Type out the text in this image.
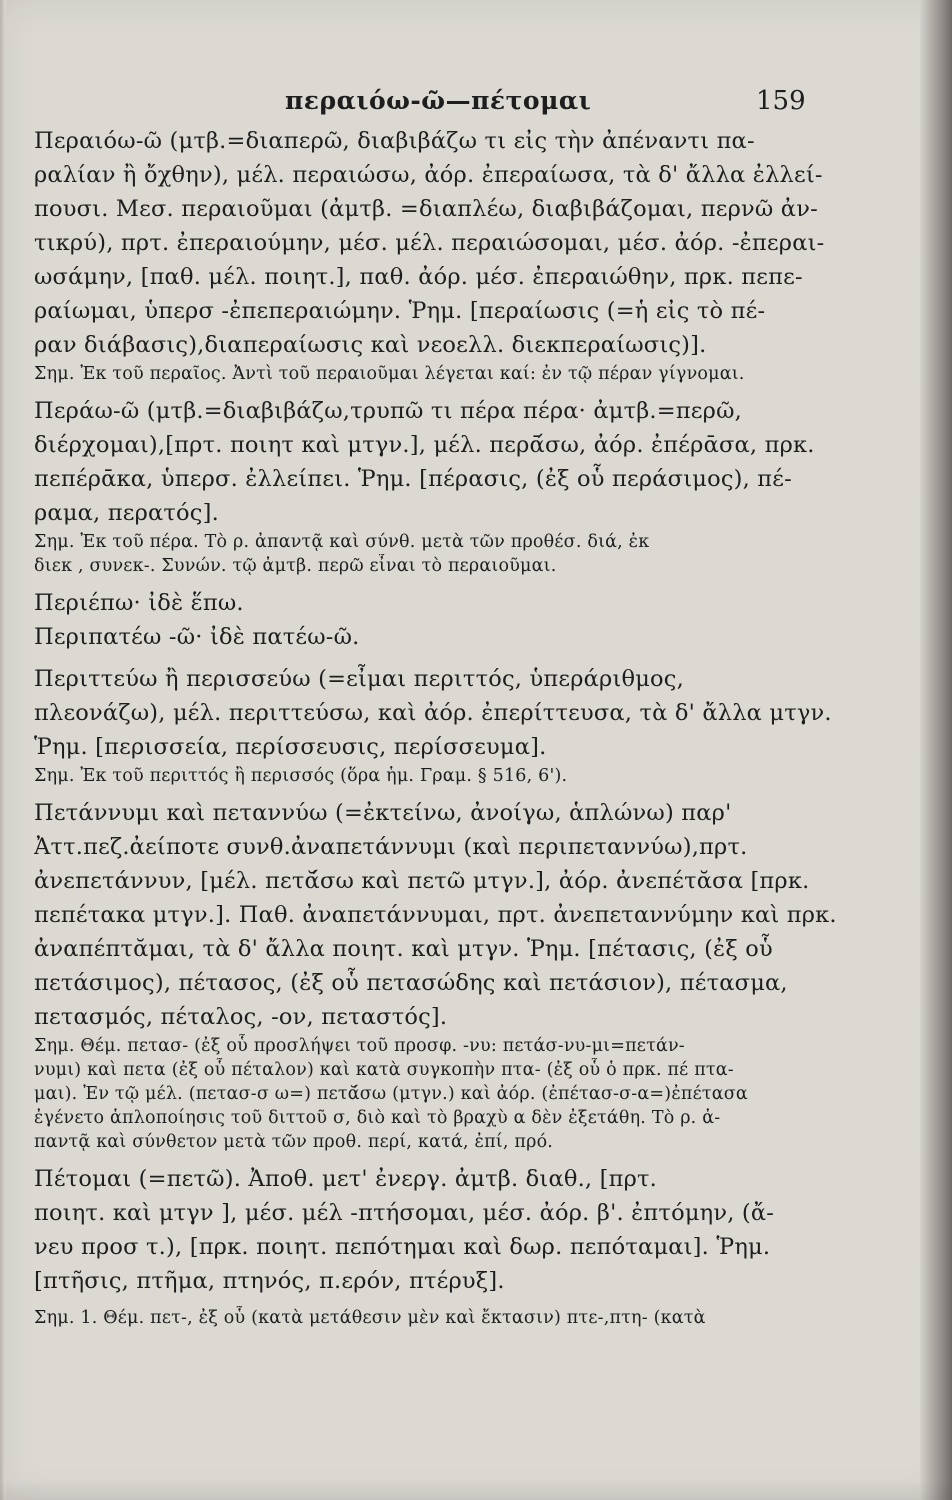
περαιόω-ῶ—πέτομαι	159
Περαιόω-ῶ (μτβ.=διαπερῶ, διαβιβάζω τι εἰς τὴν ἀπέναντι πα-
ραλίαν ἢ ὄχθην), μέλ. περαιώσω, ἀόρ. ἐπεραίωσα, τὰ δ' ἄλλα ἐλλεί-
πουσι. Μεσ. περαιοῦμαι (ἀμτβ. =διαπλέω, διαβιβάζομαι, περνῶ ἀν-
τικρύ), πρτ. ἐπεραιούμην, μέσ. μέλ. περαιώσομαι, μέσ. ἀόρ. -ἐπεραι-
ωσάμην, [παθ. μέλ. ποιητ.], παθ. ἀόρ. μέσ. ἐπεραιώθην, πρκ. πεπε-
ραίωμαι, ὑπερσ -ἐπεπεραιώμην. Ῥημ. [περαίωσις (=ἡ εἰς τὸ πέ-
ραν διάβασις),διαπεραίωσις καὶ νεοελλ. διεκπεραίωσις)].
Σημ. Ἐκ τοῦ περαῖος. Ἀντὶ τοῦ περαιοῦμαι λέγεται καί: ἐν τῷ πέραν γίγνομαι.
Περάω-ῶ (μτβ.=διαβιβάζω,τρυπῶ τι πέρα πέρα· ἀμτβ.=περῶ,
διέρχομαι),[πρτ. ποιητ καὶ μτγν.], μέλ. περᾱ́σω, ἀόρ. ἐπέρᾱσα, πρκ.
πεπέρᾱκα, ὑπερσ. ἐλλείπει. Ῥημ. [πέρασις, (ἐξ οὗ περάσιμος), πέ-
ραμα, περατός].
Σημ. Ἐκ τοῦ πέρα. Τὸ ρ. ἀπαντᾷ καὶ σύνθ. μετὰ τῶν προθέσ. διά, ἐκ
διεκ , συνεκ-. Συνών. τῷ ἀμτβ. περῶ εἶναι τὸ περαιοῦμαι.
Περιέπω· ἰδὲ ἕπω.
Περιπατέω -ῶ· ἰδὲ πατέω-ῶ.
Περιττεύω ἢ περισσεύω (=εἶμαι περιττός, ὑπεράριθμος,
πλεονάζω), μέλ. περιττεύσω, καὶ ἀόρ. ἐπερίττευσα, τὰ δ' ἄλλα μτγν.
Ῥημ. [περισσεία, περίσσευσις, περίσσευμα].
Σημ. Ἐκ τοῦ περιττός ἢ περισσός (ὅρα ἡμ. Γραμ. § 516, 6').
Πετάννυμι καὶ πεταννύω (=ἐκτείνω, ἀνοίγω, ἁπλώνω) παρ'
Ἀττ.πεζ.ἀείποτε συνθ.ἀναπετάννυμι (καὶ περιπεταννύω),πρτ.
ἀνεπετάννυν, [μέλ. πετᾰ́σω καὶ πετῶ μτγν.], ἀόρ. ἀνεπέτᾰσα [πρκ.
πεπέτακα μτγν.]. Παθ. ἀναπετάννυμαι, πρτ. ἀνεπεταννύμην καὶ πρκ.
ἀναπέπτᾰμαι, τὰ δ' ἄλλα ποιητ. καὶ μτγν. Ῥημ. [πέτασις, (ἐξ οὗ
πετάσιμος), πέτασος, (ἐξ οὗ πετασώδης καὶ πετάσιον), πέτασμα,
πετασμός, πέταλος, -ον, πεταστός].
Σημ. Θέμ. πετασ- (ἐξ οὗ προσλήψει τοῦ προσφ. -νυ: πετάσ-νυ-μι=πετάν-
νυμι) καὶ πετα (ἐξ οὗ πέταλον) καὶ κατὰ συγκοπὴν πτα- (ἐξ οὗ ὁ πρκ. πέ πτα-
μαι). Ἐν τῷ μέλ. (πετασ-σ ω=) πετᾰ́σω (μτγν.) καὶ ἀόρ. (ἐπέτασ-σ-α=)ἐπέτασα
ἐγένετο ἁπλοποίησις τοῦ διττοῦ σ, διὸ καὶ τὸ βραχὺ α δὲν ἐξετάθη. Τὸ ρ. ἀ-
παντᾷ καὶ σύνθετον μετὰ τῶν προθ. περί, κατά, ἐπί, πρό.
Πέτομαι (=πετῶ). Ἀποθ. μετ' ἐνεργ. ἀμτβ. διαθ., [πρτ.
ποιητ. καὶ μτγν ], μέσ. μέλ -πτήσομαι, μέσ. ἀόρ. β'. ἐπτόμην, (ἄ-
νευ προσ τ.), [πρκ. ποιητ. πεπότημαι καὶ δωρ. πεπόταμαι]. Ῥημ.
[πτῆσις, πτῆμα, πτηνός, π.ερόν, πτέρυξ].
Σημ. 1. Θέμ. πετ-, ἐξ οὗ (κατὰ μετάθεσιν μὲν καὶ ἔκτασιν) πτε-,πτη- (κατὰ
